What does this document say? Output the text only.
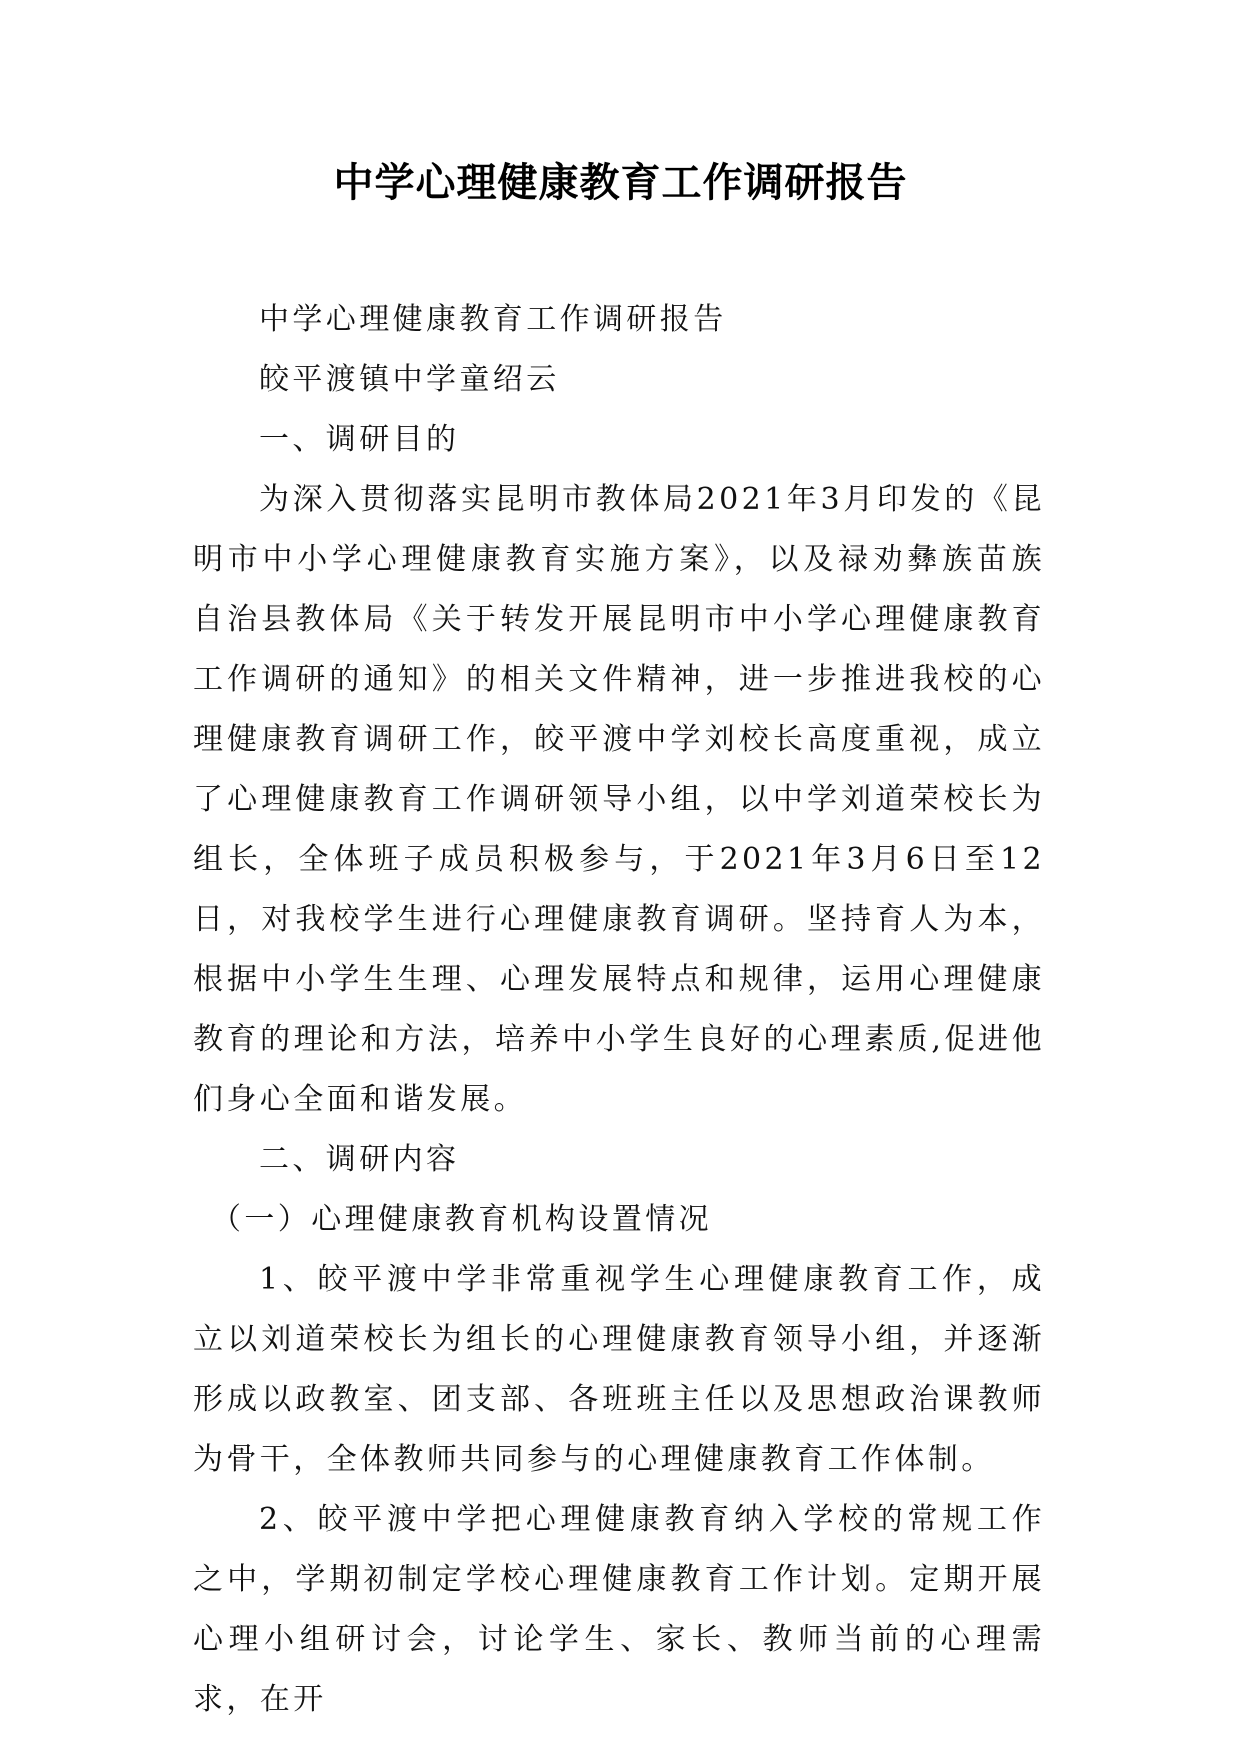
中学心理健康教育工作调研报告

中学心理健康教育工作调研报告

皎平渡镇中学童绍云

一、调研目的

为深入贯彻落实昆明市教体局2021年3月印发的《昆明市中小学心理健康教育实施方案》，以及禄劝彝族苗族自治县教体局《关于转发开展昆明市中小学心理健康教育工作调研的通知》的相关文件精神，进一步推进我校的心理健康教育调研工作，皎平渡中学刘校长高度重视，成立了心理健康教育工作调研领导小组，以中学刘道荣校长为组长，全体班子成员积极参与，于2021年3月6日至12日，对我校学生进行心理健康教育调研。坚持育人为本，根据中小学生生理、心理发展特点和规律，运用心理健康教育的理论和方法，培养中小学生良好的心理素质,促进他们身心全面和谐发展。

二、调研内容

（一）心理健康教育机构设置情况

1、皎平渡中学非常重视学生心理健康教育工作，成立以刘道荣校长为组长的心理健康教育领导小组，并逐渐形成以政教室、团支部、各班班主任以及思想政治课教师为骨干，全体教师共同参与的心理健康教育工作体制。

2、皎平渡中学把心理健康教育纳入学校的常规工作之中，学期初制定学校心理健康教育工作计划。定期开展心理小组研讨会，讨论学生、家长、教师当前的心理需求，在开
